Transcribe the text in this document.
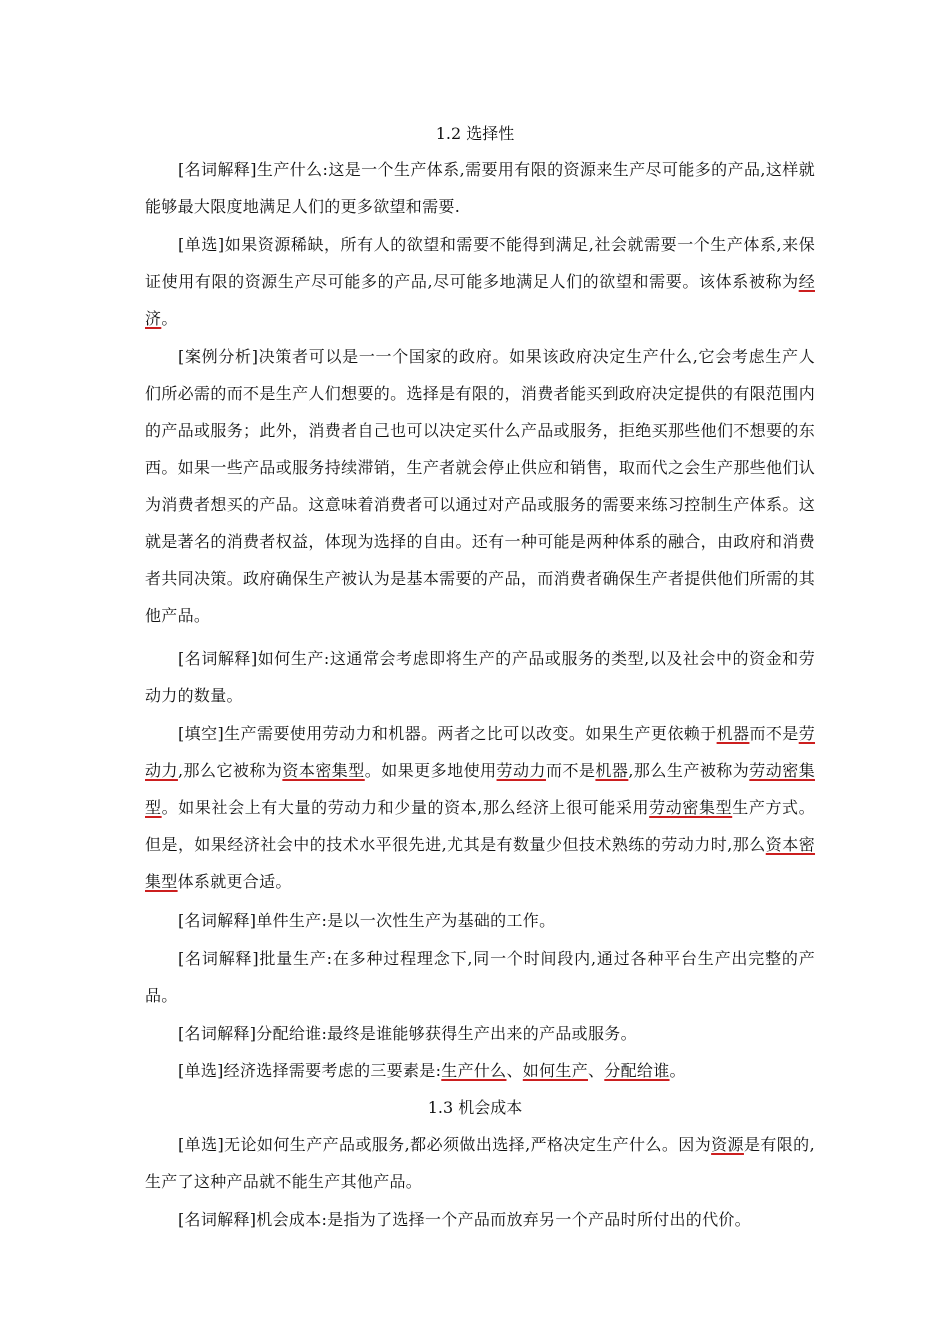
1.2 选择性

[名词解释]生产什么:这是一个生产体系,需要用有限的资源来生产尽可能多的产品,这样就能够最大限度地满足人们的更多欲望和需要.

[单选]如果资源稀缺，所有人的欲望和需要不能得到满足,社会就需要一个生产体系,来保证使用有限的资源生产尽可能多的产品,尽可能多地满足人们的欲望和需要。该体系被称为经济。

[案例分析]决策者可以是一一个国家的政府。如果该政府决定生产什么,它会考虑生产人们所必需的而不是生产人们想要的。选择是有限的，消费者能买到政府决定提供的有限范围内的产品或服务；此外，消费者自己也可以决定买什么产品或服务，拒绝买那些他们不想要的东西。如果一些产品或服务持续滞销，生产者就会停止供应和销售，取而代之会生产那些他们认为消费者想买的产品。这意味着消费者可以通过对产品或服务的需要来练习控制生产体系。这就是著名的消费者权益，体现为选择的自由。还有一种可能是两种体系的融合，由政府和消费者共同决策。政府确保生产被认为是基本需要的产品，而消费者确保生产者提供他们所需的其他产品。

[名词解释]如何生产:这通常会考虑即将生产的产品或服务的类型,以及社会中的资金和劳动力的数量。

[填空]生产需要使用劳动力和机器。两者之比可以改变。如果生产更依赖于机器而不是劳动力,那么它被称为资本密集型。如果更多地使用劳动力而不是机器,那么生产被称为劳动密集型。如果社会上有大量的劳动力和少量的资本,那么经济上很可能采用劳动密集型生产方式。但是，如果经济社会中的技术水平很先进,尤其是有数量少但技术熟练的劳动力时,那么资本密集型体系就更合适。

[名词解释]单件生产:是以一次性生产为基础的工作。

[名词解释]批量生产:在多种过程理念下,同一个时间段内,通过各种平台生产出完整的产品。

[名词解释]分配给谁:最终是谁能够获得生产出来的产品或服务。

[单选]经济选择需要考虑的三要素是:生产什么、如何生产、分配给谁。

1.3 机会成本

[单选]无论如何生产产品或服务,都必须做出选择,严格决定生产什么。因为资源是有限的,生产了这种产品就不能生产其他产品。

[名词解释]机会成本:是指为了选择一个产品而放弃另一个产品时所付出的代价。
